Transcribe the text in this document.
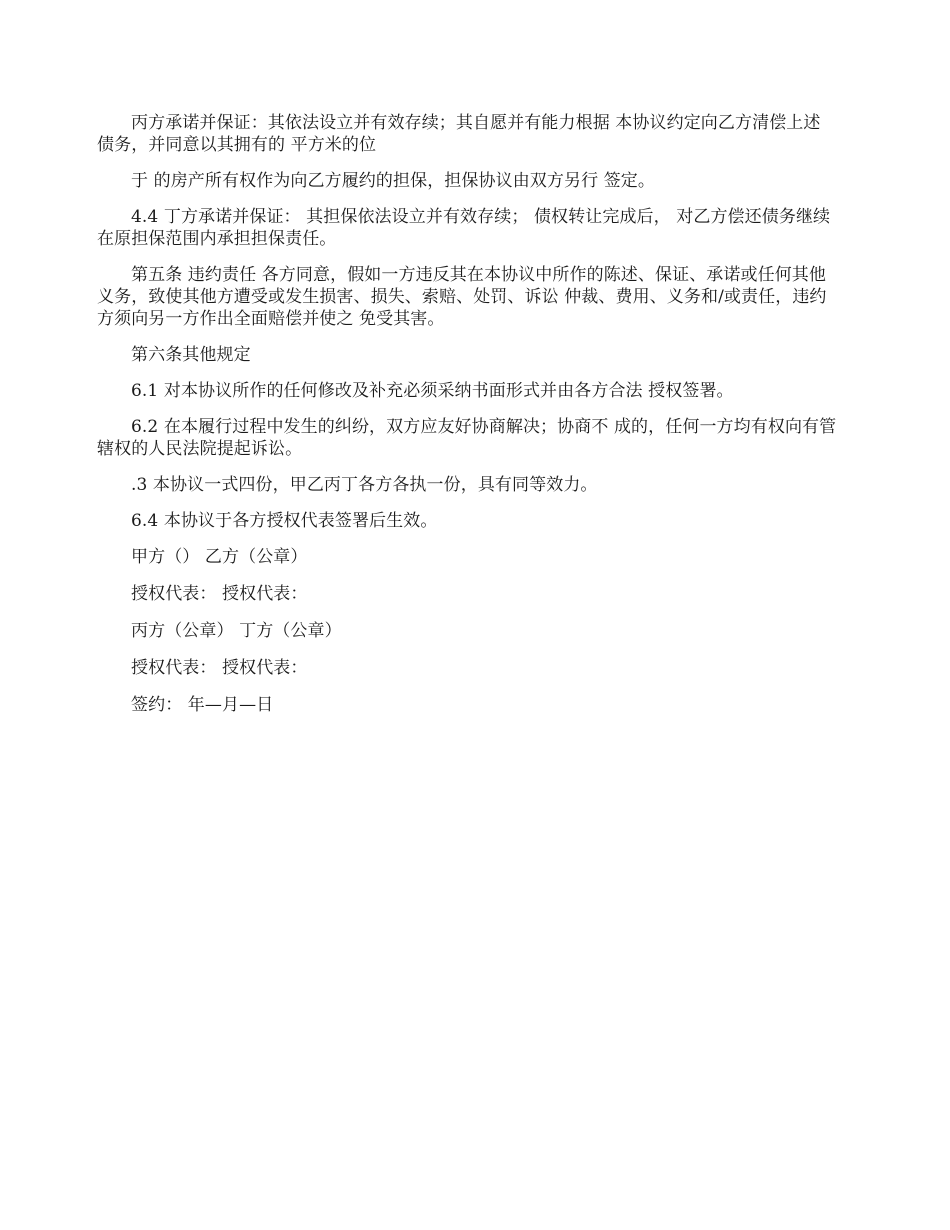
丙方承诺并保证：其依法设立并有效存续；其自愿并有能力根据 本协议约定向乙方清偿上述债务，并同意以其拥有的 平方米的位

于 的房产所有权作为向乙方履约的担保，担保协议由双方另行 签定。

4.4 丁方承诺并保证： 其担保依法设立并有效存续； 债权转让完成后， 对乙方偿还债务继续在原担保范围内承担担保责任。

第五条 违约责任 各方同意，假如一方违反其在本协议中所作的陈述、保证、承诺或任何其他义务，致使其他方遭受或发生损害、损失、索赔、处罚、诉讼 仲裁、费用、义务和/或责任，违约方须向另一方作出全面赔偿并使之 免受其害。

第六条其他规定

6.1 对本协议所作的任何修改及补充必须采纳书面形式并由各方合法 授权签署。

6.2 在本履行过程中发生的纠纷，双方应友好协商解决；协商不 成的，任何一方均有权向有管辖权的人民法院提起诉讼。

.3 本协议一式四份，甲乙丙丁各方各执一份，具有同等效力。

6.4 本协议于各方授权代表签署后生效。

甲方（） 乙方（公章）

授权代表： 授权代表：

丙方（公章） 丁方（公章）

授权代表： 授权代表：

签约： 年—月—日
